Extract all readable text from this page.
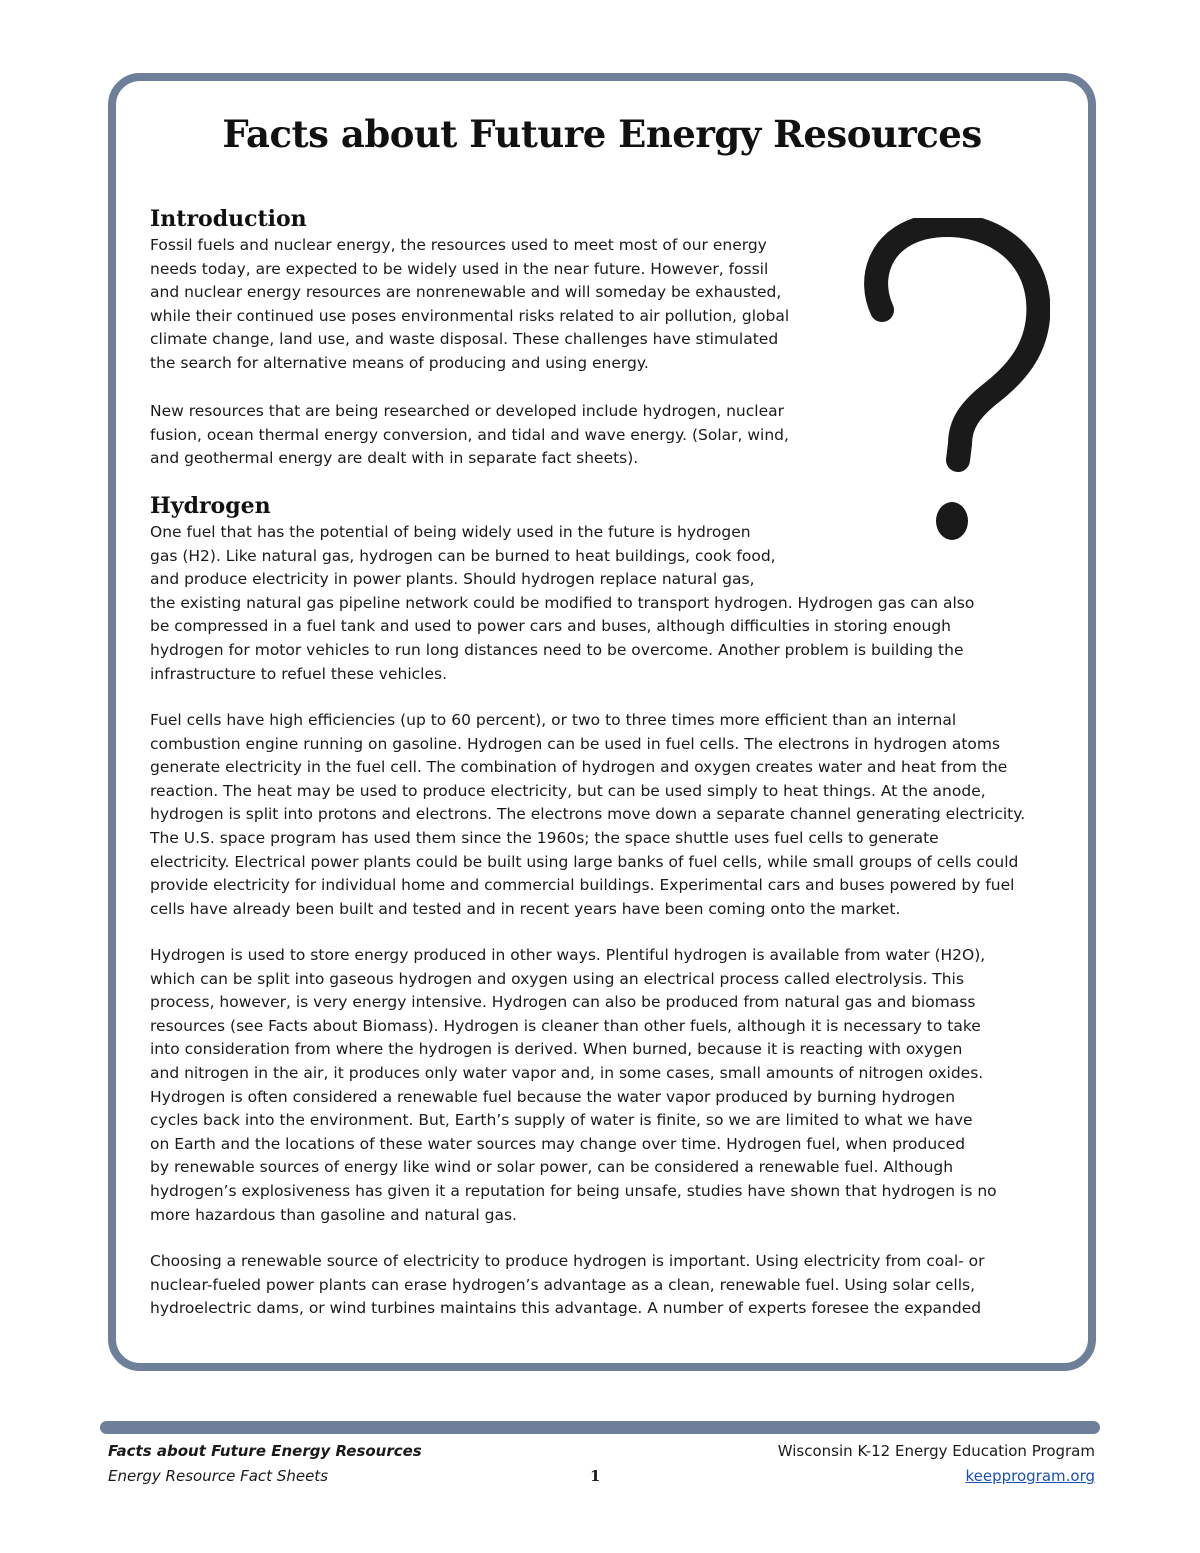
Facts about Future Energy Resources
Introduction

Fossil fuels and nuclear energy, the resources used to meet most of our energy
needs today, are expected to be widely used in the near future. However, fossil
and nuclear energy resources are nonrenewable and will someday be exhausted,
while their continued use poses environmental risks related to air pollution, global
climate change, land use, and waste disposal. These challenges have stimulated
the search for alternative means of producing and using energy.

New resources that are being researched or developed include hydrogen, nuclear
fusion, ocean thermal energy conversion, and tidal and wave energy. (Solar, wind,
and geothermal energy are dealt with in separate fact sheets).

Hydrogen

One fuel that has the potential of being widely used in the future is hydrogen
gas (H2). Like natural gas, hydrogen can be burned to heat buildings, cook food,
and produce electricity in power plants. Should hydrogen replace natural gas,
the existing natural gas pipeline network could be modified to transport hydrogen. Hydrogen gas can also
be compressed in a fuel tank and used to power cars and buses, although difficulties in storing enough
hydrogen for motor vehicles to run long distances need to be overcome. Another problem is building the
infrastructure to refuel these vehicles.

Fuel cells have high efficiencies (up to 60 percent), or two to three times more efficient than an internal
combustion engine running on gasoline. Hydrogen can be used in fuel cells. The electrons in hydrogen atoms
generate electricity in the fuel cell. The combination of hydrogen and oxygen creates water and heat from the
reaction. The heat may be used to produce electricity, but can be used simply to heat things. At the anode,
hydrogen is split into protons and electrons. The electrons move down a separate channel generating electricity.
The U.S. space program has used them since the 1960s; the space shuttle uses fuel cells to generate
electricity. Electrical power plants could be built using large banks of fuel cells, while small groups of cells could
provide electricity for individual home and commercial buildings. Experimental cars and buses powered by fuel
cells have already been built and tested and in recent years have been coming onto the market.

Hydrogen is used to store energy produced in other ways. Plentiful hydrogen is available from water (H2O),
which can be split into gaseous hydrogen and oxygen using an electrical process called electrolysis. This
process, however, is very energy intensive. Hydrogen can also be produced from natural gas and biomass
resources (see Facts about Biomass). Hydrogen is cleaner than other fuels, although it is necessary to take
into consideration from where the hydrogen is derived. When burned, because it is reacting with oxygen
and nitrogen in the air, it produces only water vapor and, in some cases, small amounts of nitrogen oxides.
Hydrogen is often considered a renewable fuel because the water vapor produced by burning hydrogen
cycles back into the environment. But, Earth’s supply of water is finite, so we are limited to what we have
on Earth and the locations of these water sources may change over time. Hydrogen fuel, when produced
by renewable sources of energy like wind or solar power, can be considered a renewable fuel. Although
hydrogen’s explosiveness has given it a reputation for being unsafe, studies have shown that hydrogen is no
more hazardous than gasoline and natural gas.

Choosing a renewable source of electricity to produce hydrogen is important. Using electricity from coal- or
nuclear-fueled power plants can erase hydrogen’s advantage as a clean, renewable fuel. Using solar cells,
hydroelectric dams, or wind turbines maintains this advantage. A number of experts foresee the expanded

Facts about Future Energy Resources
Energy Resource Fact Sheets	1
Wisconsin K-12 Energy Education Program
keepprogram.org
